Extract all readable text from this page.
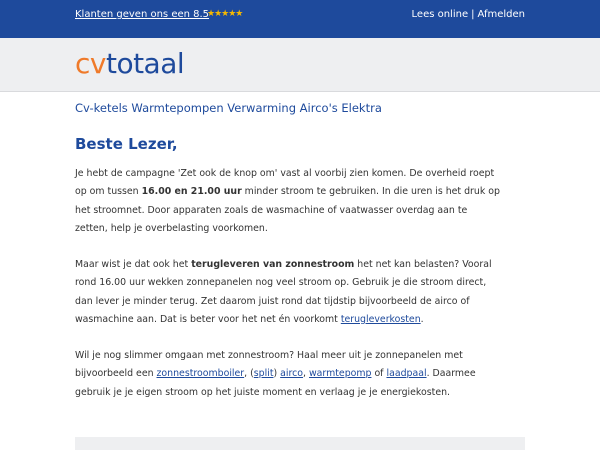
Klanten geven ons een 8.5
★★★★★	Lees online | Afmelden
cvtotaal
Cv-ketels Warmtepompen Verwarming Airco's Elektra
Beste Lezer,
Je hebt de campagne 'Zet ook de knop om' vast al voorbij zien komen. De overheid roept
op om tussen 16.00 en 21.00 uur minder stroom te gebruiken. In die uren is het druk op
het stroomnet. Door apparaten zoals de wasmachine of vaatwasser overdag aan te
zetten, help je overbelasting voorkomen.
Maar wist je dat ook het terugleveren van zonnestroom het net kan belasten? Vooral
rond 16.00 uur wekken zonnepanelen nog veel stroom op. Gebruik je die stroom direct,
dan lever je minder terug. Zet daarom juist rond dat tijdstip bijvoorbeeld de airco of
wasmachine aan. Dat is beter voor het net én voorkomt terugleverkosten.
Wil je nog slimmer omgaan met zonnestroom? Haal meer uit je zonnepanelen met
bijvoorbeeld een zonnestroomboiler, (split) airco, warmtepomp of laadpaal. Daarmee
gebruik je je eigen stroom op het juiste moment en verlaag je je energiekosten.
